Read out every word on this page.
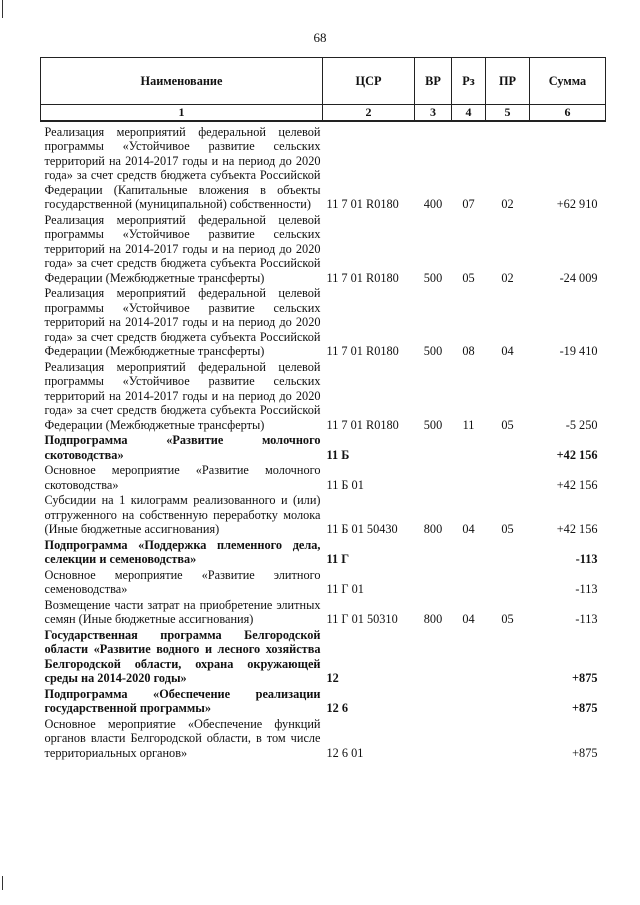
68
Наименование	ЦСР	ВР	Рз	ПР	Сумма
1	2	3	4	5	6
Реализация мероприятий федеральной целевой программы «Устойчивое развитие сельских территорий на 2014-2017 годы и на период до 2020 года» за счет средств бюджета субъекта Российской Федерации (Капитальные вложения в объекты государственной (муниципальной) собственности)	11 7 01 R0180	400	07	02	+62 910
Реализация мероприятий федеральной целевой программы «Устойчивое развитие сельских территорий на 2014-2017 годы и на период до 2020 года» за счет средств бюджета субъекта Российской Федерации (Межбюджетные трансферты)	11 7 01 R0180	500	05	02	-24 009
Реализация мероприятий федеральной целевой программы «Устойчивое развитие сельских территорий на 2014-2017 годы и на период до 2020 года» за счет средств бюджета субъекта Российской Федерации (Межбюджетные трансферты)	11 7 01 R0180	500	08	04	-19 410
Реализация мероприятий федеральной целевой программы «Устойчивое развитие сельских территорий на 2014-2017 годы и на период до 2020 года» за счет средств бюджета субъекта Российской Федерации (Межбюджетные трансферты)	11 7 01 R0180	500	11	05	-5 250
Подпрограмма «Развитие молочного скотоводства»	11 Б				+42 156
Основное мероприятие «Развитие молочного скотоводства»	11 Б 01				+42 156
Субсидии на 1 килограмм реализованного и (или) отгруженного на собственную переработку молока (Иные бюджетные ассигнования)	11 Б 01 50430	800	04	05	+42 156
Подпрограмма «Поддержка племенного дела, селекции и семеноводства»	11 Г				-113
Основное мероприятие «Развитие элитного семеноводства»	11 Г 01				-113
Возмещение части затрат на приобретение элитных семян (Иные бюджетные ассигнования)	11 Г 01 50310	800	04	05	-113
Государственная программа Белгородской области «Развитие водного и лесного хозяйства Белгородской области, охрана окружающей среды на 2014-2020 годы»	12				+875
Подпрограмма «Обеспечение реализации государственной программы»	12 6				+875
Основное мероприятие «Обеспечение функций органов власти Белгородской области, в том числе территориальных органов»	12 6 01				+875
